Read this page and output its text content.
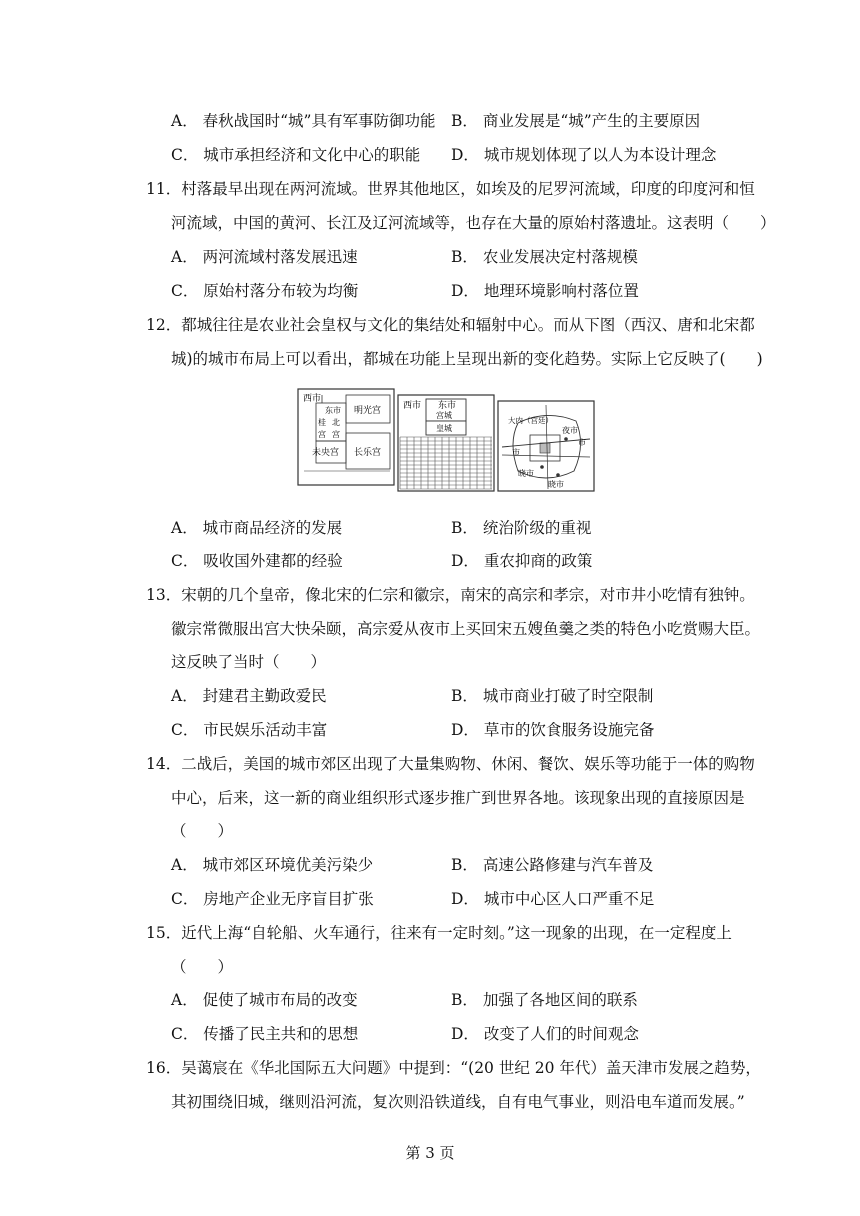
A． 春秋战国时“城”具有军事防御功能 B． 商业发展是“城”产生的主要原因
C． 城市承担经济和文化中心的职能 D． 城市规划体现了以人为本设计理念
11．村落最早出现在两河流域。世界其他地区，如埃及的尼罗河流域，印度的印度河和恒
河流域，中国的黄河、长江及辽河流域等，也存在大量的原始村落遗址。这表明（　　）
A． 两河流域村落发展迅速	B． 农业发展决定村落规模
C． 原始村落分布较为均衡	D． 地理环境影响村落位置
12．都城往往是农业社会皇权与文化的集结处和辐射中心。而从下图（西汉、唐和北宋都
城)的城市布局上可以看出，都城在功能上呈现出新的变化趋势。实际上它反映了(　　)
西市
东市 明光宫
桂 北
宫 宫
未央宫 长乐宫
西市 东市
宫城
皇城
大内（宫廷）
夜市
市
市
晓市
晓市
A． 城市商品经济的发展	B． 统治阶级的重视
C． 吸收国外建都的经验	D． 重农抑商的政策
13．宋朝的几个皇帝，像北宋的仁宗和徽宗，南宋的高宗和孝宗，对市井小吃情有独钟。
徽宗常微服出宫大快朵颐，高宗爱从夜市上买回宋五嫂鱼羹之类的特色小吃赏赐大臣。
这反映了当时（　　）
A． 封建君主勤政爱民	B． 城市商业打破了时空限制
C． 市民娱乐活动丰富	D． 草市的饮食服务设施完备
14．二战后，美国的城市郊区出现了大量集购物、休闲、餐饮、娱乐等功能于一体的购物
中心，后来，这一新的商业组织形式逐步推广到世界各地。该现象出现的直接原因是
（　　）
A． 城市郊区环境优美污染少	B． 高速公路修建与汽车普及
C． 房地产企业无序盲目扩张	D． 城市中心区人口严重不足
15．近代上海“自轮船、火车通行，往来有一定时刻。”这一现象的出现，在一定程度上
（　　）
A． 促使了城市布局的改变	B． 加强了各地区间的联系
C． 传播了民主共和的思想	D． 改变了人们的时间观念
16．吴蔼宸在《华北国际五大问题》中提到：“(20 世纪 20 年代）盖天津市发展之趋势，
其初围绕旧城，继则沿河流，复次则沿铁道线，自有电气事业，则沿电车道而发展。”
第 3 页
